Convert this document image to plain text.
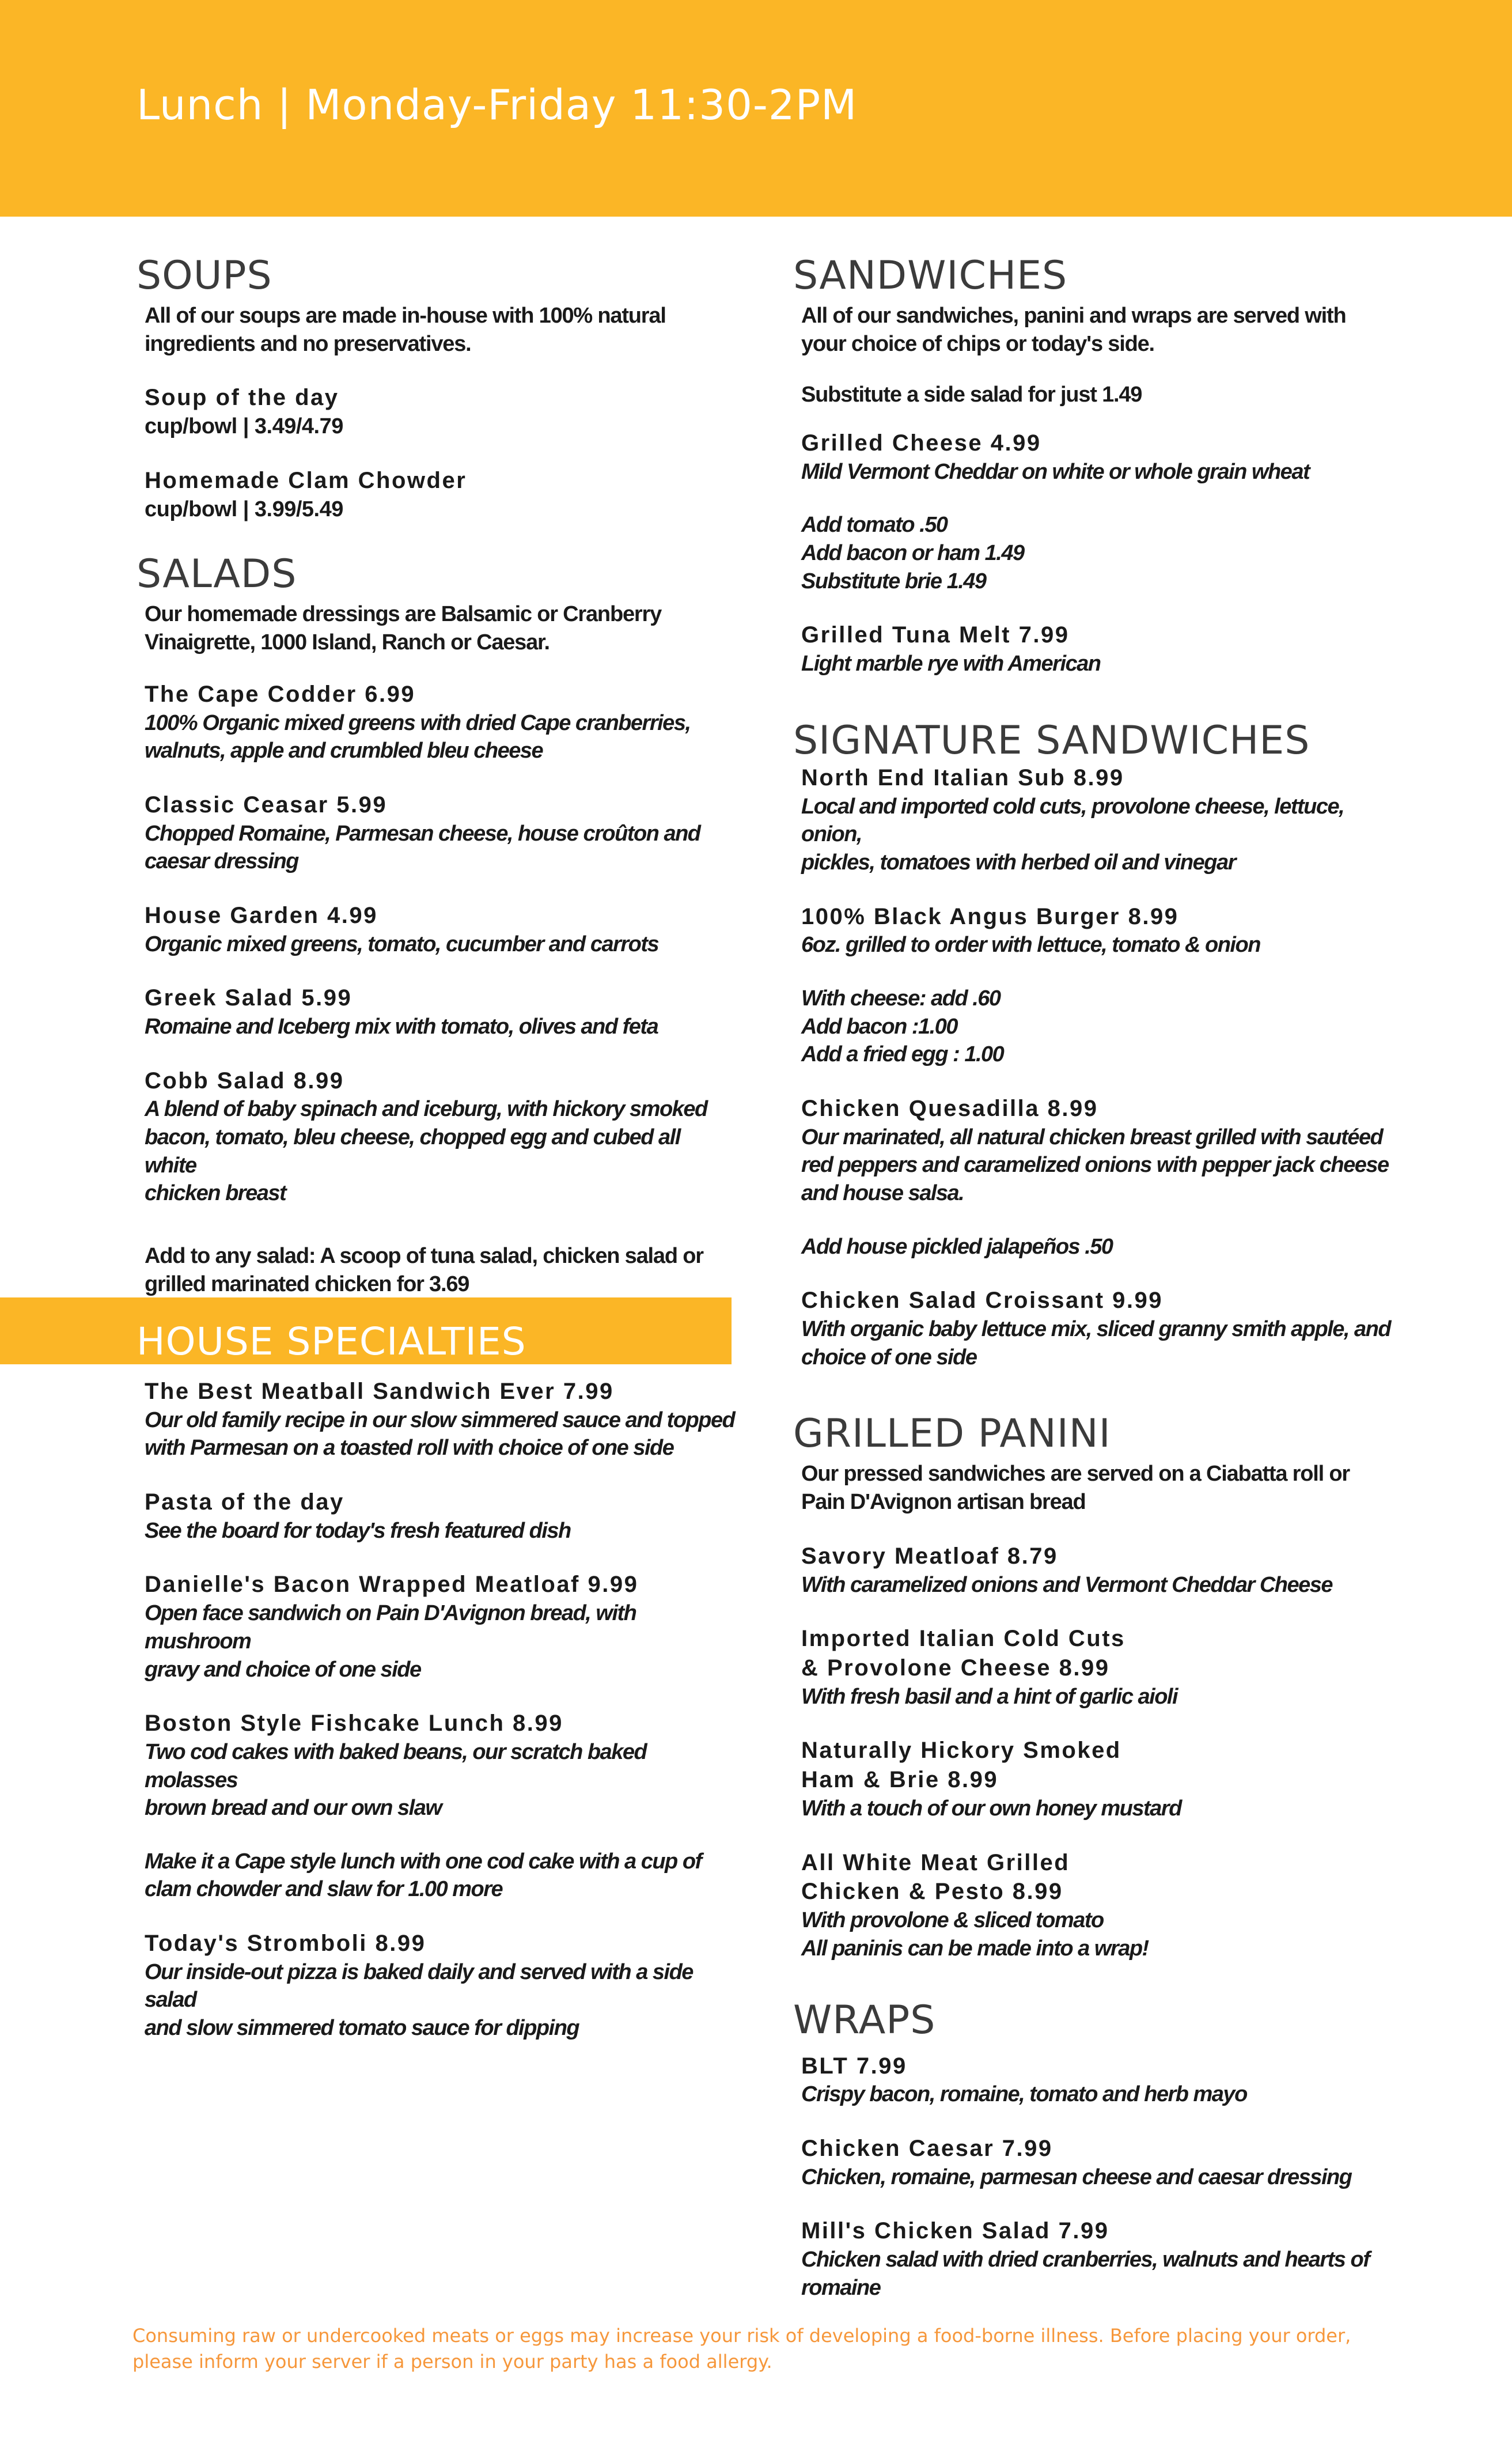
Lunch | Monday-Friday 11:30-2PM
SOUPS
All of our soups are made in-house with 100% natural ingredients and no preservatives.
Soup of the day
cup/bowl | 3.49/4.79
Homemade Clam Chowder
cup/bowl | 3.99/5.49
SALADS
Our homemade dressings are Balsamic or Cranberry Vinaigrette, 1000 Island, Ranch or Caesar.
The Cape Codder 6.99
100% Organic mixed greens with dried Cape cranberries,
walnuts, apple and crumbled bleu cheese
Classic Ceasar 5.99
Chopped Romaine, Parmesan cheese, house croûton and caesar dressing
House Garden 4.99
Organic mixed greens, tomato, cucumber and carrots
Greek Salad 5.99
Romaine and Iceberg mix with tomato, olives and feta
Cobb Salad 8.99
A blend of baby spinach and iceburg, with hickory smoked
bacon, tomato, bleu cheese, chopped egg and cubed all white
chicken breast
Add to any salad: A scoop of tuna salad, chicken salad or grilled marinated chicken for 3.69
HOUSE SPECIALTIES
The Best Meatball Sandwich Ever 7.99
Our old family recipe in our slow simmered sauce and topped
with Parmesan on a toasted roll with choice of one side
Pasta of the day
See the board for today's fresh featured dish
Danielle's Bacon Wrapped Meatloaf 9.99
Open face sandwich on Pain D'Avignon bread, with mushroom
gravy and choice of one side
Boston Style Fishcake Lunch 8.99
Two cod cakes with baked beans, our scratch baked molasses
brown bread and our own slaw
Make it a Cape style lunch with one cod cake with a cup of clam chowder and slaw for 1.00 more
Today's Stromboli 8.99
Our inside-out pizza is baked daily and served with a side salad
and slow simmered tomato sauce for dipping
SANDWICHES
All of our sandwiches, panini and wraps are served with your choice of chips or today's side.
Substitute a side salad for just 1.49
Grilled Cheese 4.99
Mild Vermont Cheddar on white or whole grain wheat
Add tomato .50
Add bacon or ham 1.49
Substitute brie 1.49
Grilled Tuna Melt 7.99
Light marble rye with American
SIGNATURE SANDWICHES
North End Italian Sub 8.99
Local and imported cold cuts, provolone cheese, lettuce, onion,
pickles, tomatoes with herbed oil and vinegar
100% Black Angus Burger 8.99
6oz. grilled to order with lettuce, tomato & onion
With cheese: add .60
Add bacon :1.00
Add a fried egg : 1.00
Chicken Quesadilla 8.99
Our marinated, all natural chicken breast grilled with sautéed
red peppers and caramelized onions with pepper jack cheese
and house salsa.
Add house pickled jalapeños .50
Chicken Salad Croissant 9.99
With organic baby lettuce mix, sliced granny smith apple, and
choice of one side
GRILLED PANINI
Our pressed sandwiches are served on a Ciabatta roll or Pain D'Avignon artisan bread
Savory Meatloaf 8.79
With caramelized onions and Vermont Cheddar Cheese
Imported Italian Cold Cuts
& Provolone Cheese 8.99
With fresh basil and a hint of garlic aioli
Naturally Hickory Smoked
Ham & Brie 8.99
With a touch of our own honey mustard
All White Meat Grilled
Chicken & Pesto 8.99
With provolone & sliced tomato
All paninis can be made into a wrap!
WRAPS
BLT 7.99
Crispy bacon, romaine, tomato and herb mayo
Chicken Caesar 7.99
Chicken, romaine, parmesan cheese and caesar dressing
Mill's Chicken Salad 7.99
Chicken salad with dried cranberries, walnuts and hearts of
romaine
Consuming raw or undercooked meats or eggs may increase your risk of developing a food-borne illness. Before placing your order, please inform your server if a person in your party has a food allergy.
